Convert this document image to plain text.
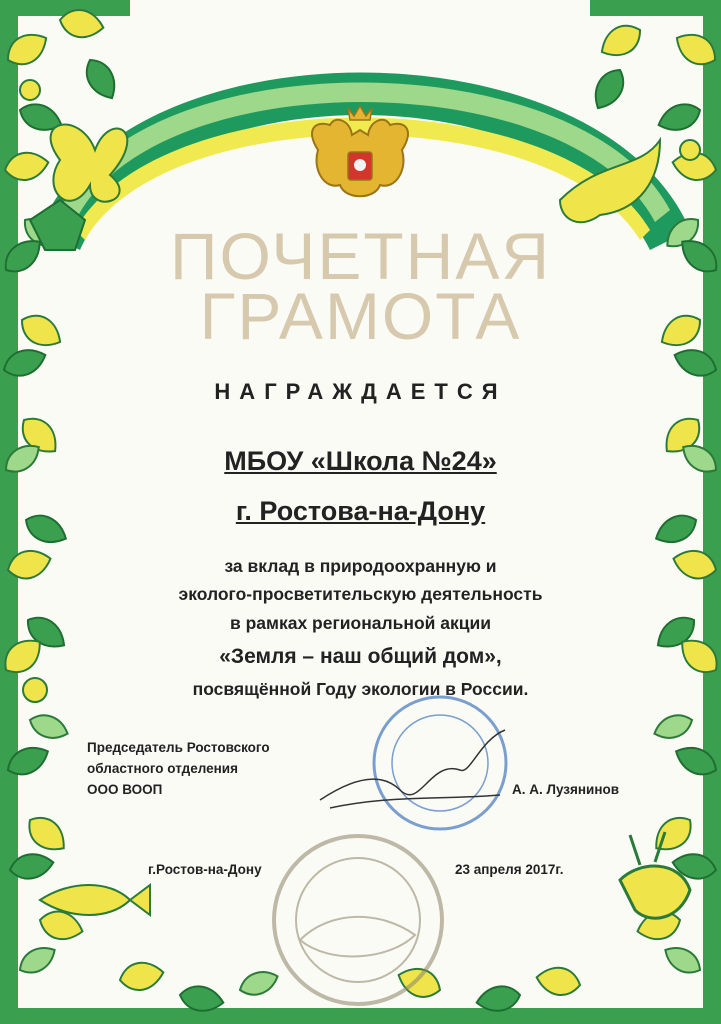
ПОЧЕТНАЯ
ГРАМОТА
НАГРАЖДАЕТСЯ
МБОУ «Школа №24»
г. Ростова-на-Дону
за вклад в природоохранную и
эколого-просветительскую деятельность
в рамках региональной акции
«Земля – наш общий дом»,
посвящённой Году экологии в России.
Председатель Ростовского
областного отделения
ООО ВООП	А. А. Лузянинов
г.Ростов-на-Дону	23 апреля 2017г.
